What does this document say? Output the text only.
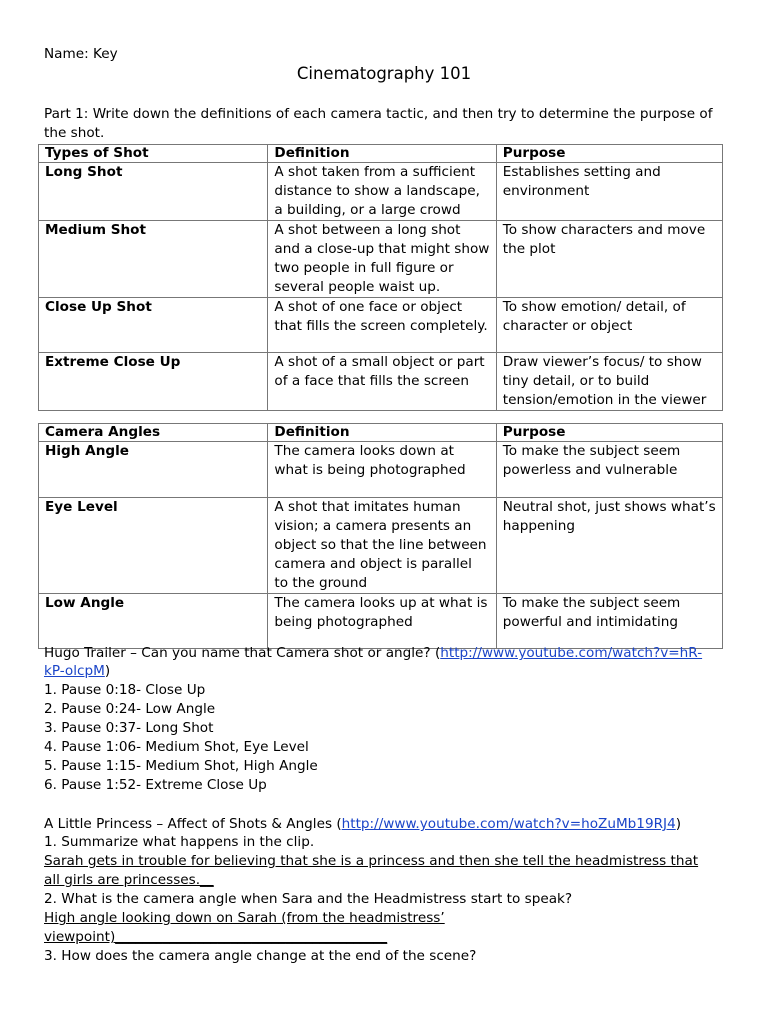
Name: Key
Cinematography 101
Part 1: Write down the definitions of each camera tactic, and then try to determine the purpose of the shot.
Types of Shot	Definition	Purpose
Long Shot	A shot taken from a sufficient distance to show a landscape, a building, or a large crowd	Establishes setting and environment
Medium Shot	A shot between a long shot and a close-up that might show two people in full figure or several people waist up.	To show characters and move the plot
Close Up Shot	A shot of one face or object that fills the screen completely.	To show emotion/ detail, of character or object
Extreme Close Up	A shot of a small object or part of a face that fills the screen	Draw viewer’s focus/ to show tiny detail, or to build tension/emotion in the viewer
Camera Angles	Definition	Purpose
High Angle	The camera looks down at what is being photographed	To make the subject seem powerless and vulnerable
Eye Level	A shot that imitates human vision; a camera presents an object so that the line between camera and object is parallel to the ground	Neutral shot, just shows what’s happening
Low Angle	The camera looks up at what is being photographed	To make the subject seem powerful and intimidating
Hugo Trailer – Can you name that Camera shot or angle? (http://www.youtube.com/watch?v=hR-
kP-olcpM)
1. Pause 0:18- Close Up
2. Pause 0:24- Low Angle
3. Pause 0:37- Long Shot
4. Pause 1:06- Medium Shot, Eye Level
5. Pause 1:15- Medium Shot, High Angle
6. Pause 1:52- Extreme Close Up
A Little Princess – Affect of Shots & Angles (http://www.youtube.com/watch?v=hoZuMb19RJ4)
1. Summarize what happens in the clip.
Sarah gets in trouble for believing that she is a princess and then she tell the headmistress that
all girls are princesses.__
2. What is the camera angle when Sara and the Headmistress start to speak?
High angle looking down on Sarah (from the headmistress’
viewpoint)________________________________________
3. How does the camera angle change at the end of the scene?
